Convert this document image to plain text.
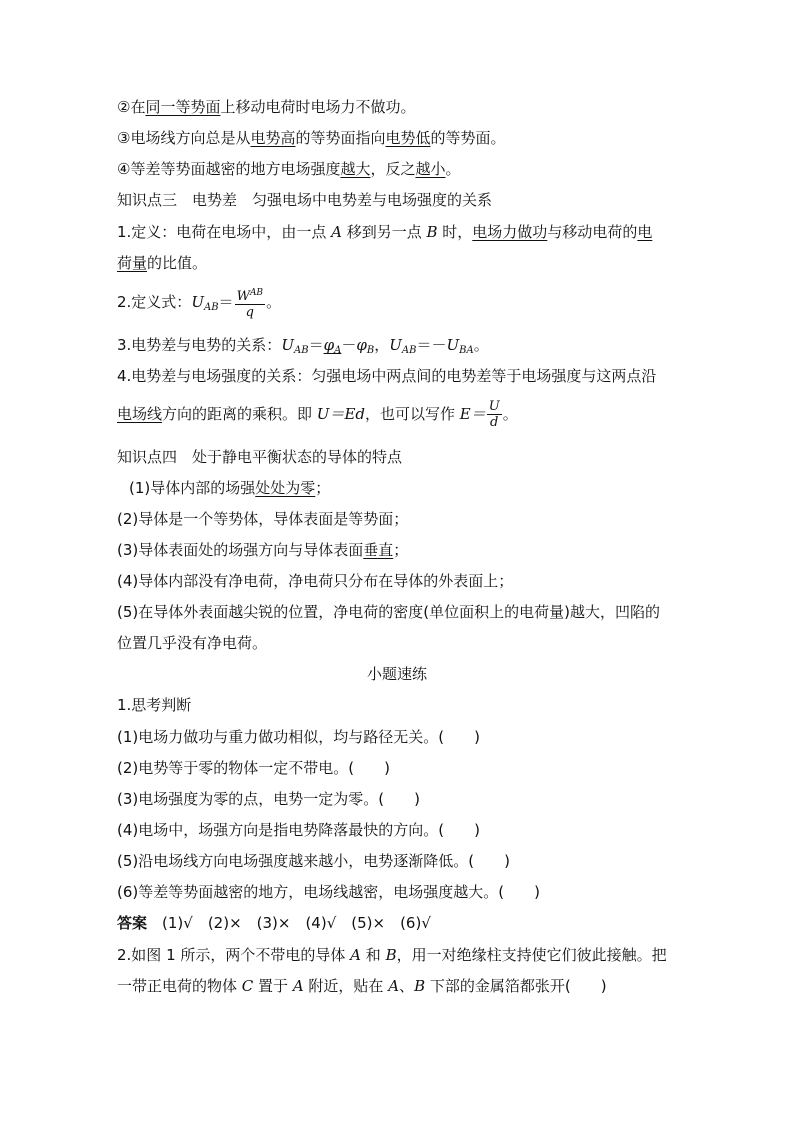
②在同一等势面上移动电荷时电场力不做功。
③电场线方向总是从电势高的等势面指向电势低的等势面。
④等差等势面越密的地方电场强度越大，反之越小。
知识点三　电势差　匀强电场中电势差与电场强度的关系
1.定义：电荷在电场中，由一点 A 移到另一点 B 时，电场力做功与移动电荷的电
荷量的比值。
2.定义式：$U_{AB}= \frac{W^{AB}}{q}$ 。
3.电势差与电势的关系：$U_{AB}=\varphi_A-\varphi_B$，$U_{AB}=-U_{BA}$。
4.电势差与电场强度的关系：匀强电场中两点间的电势差等于电场强度与这两点沿
电场线方向的距离的乘积。即 U＝Ed，也可以写作 $E= \frac{U}{d}$ 。
知识点四　处于静电平衡状态的导体的特点
(1)导体内部的场强处处为零；
(2)导体是一个等势体，导体表面是等势面；
(3)导体表面处的场强方向与导体表面垂直；
(4)导体内部没有净电荷，净电荷只分布在导体的外表面上；
(5)在导体外表面越尖锐的位置，净电荷的密度(单位面积上的电荷量)越大，凹陷的
位置几乎没有净电荷。
小题速练
1.思考判断
(1)电场力做功与重力做功相似，均与路径无关。(　　)
(2)电势等于零的物体一定不带电。(　　)
(3)电场强度为零的点，电势一定为零。(　　)
(4)电场中，场强方向是指电势降落最快的方向。(　　)
(5)沿电场线方向电场强度越来越小，电势逐渐降低。(　　)
(6)等差等势面越密的地方，电场线越密，电场强度越大。(　　)
答案　(1)√　(2)×　(3)×　(4)√　(5)×　(6)√
2.如图 1 所示，两个不带电的导体 A 和 B，用一对绝缘柱支持使它们彼此接触。把
一带正电荷的物体 C 置于 A 附近，贴在 A、B 下部的金属箔都张开(　　)
